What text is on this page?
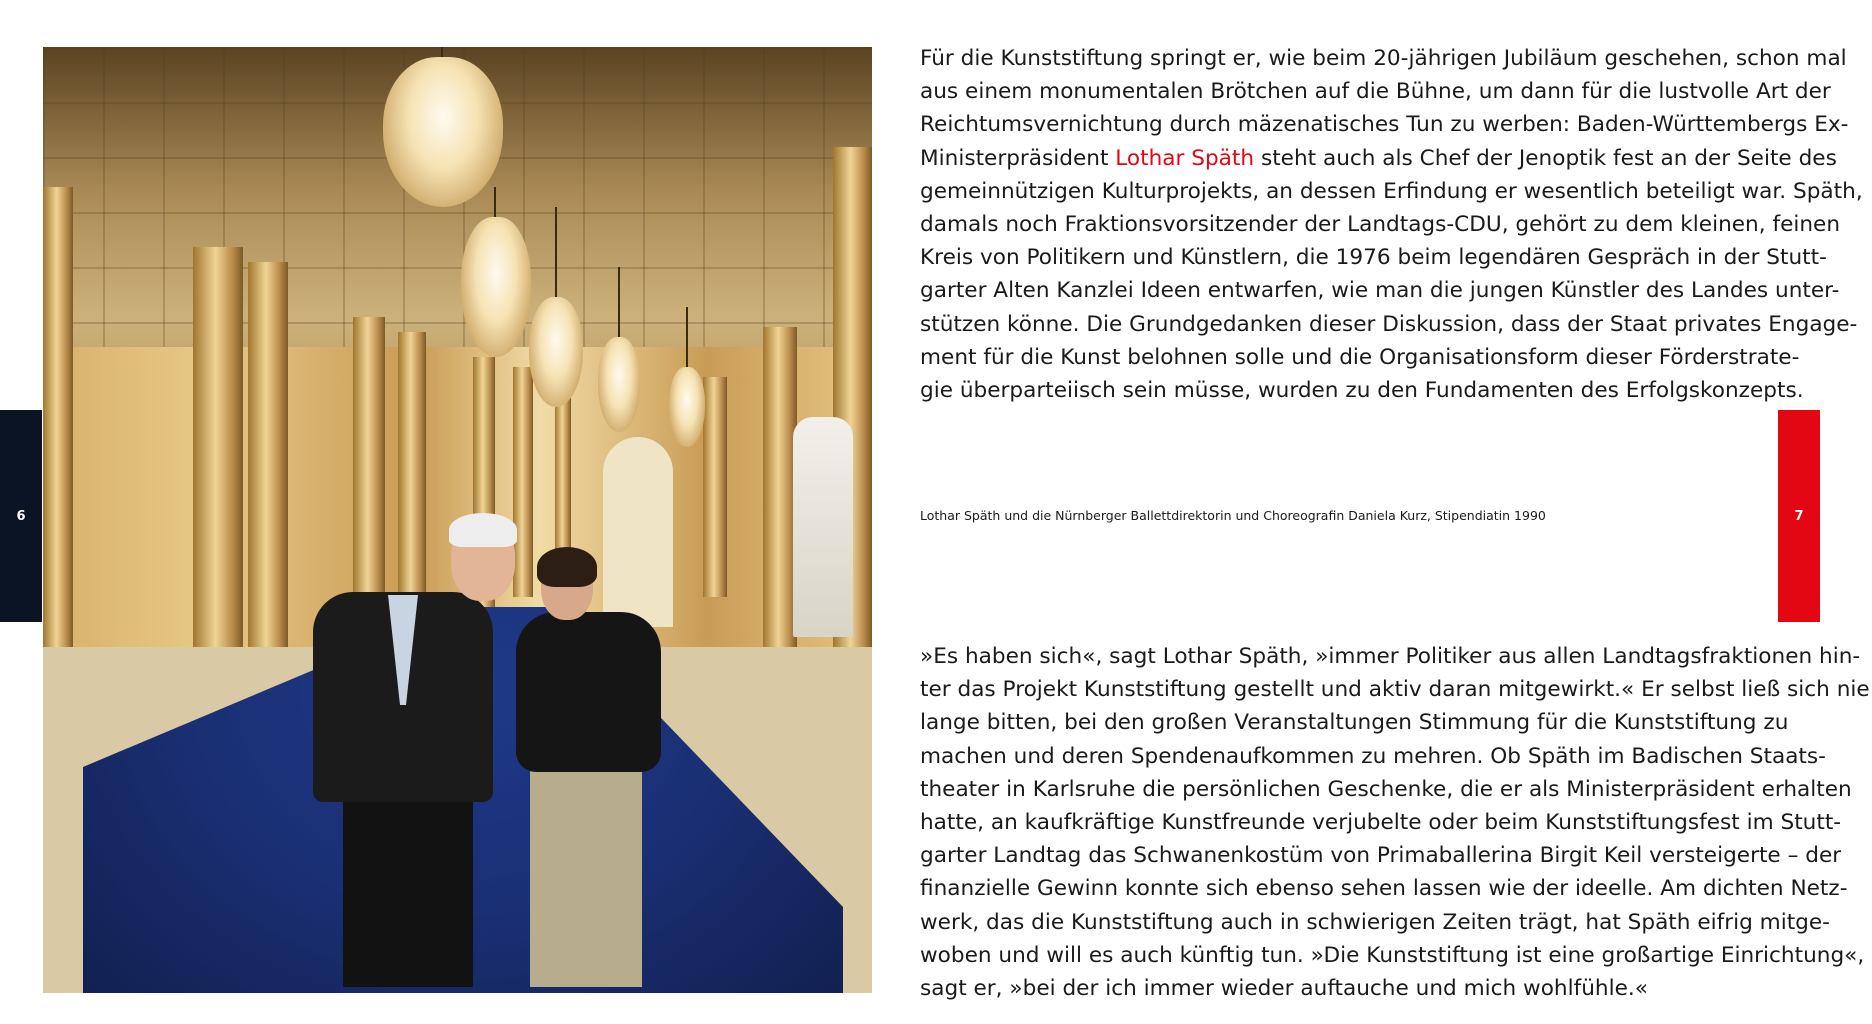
6	7

Für die Kunststiftung springt er, wie beim 20-jährigen Jubiläum geschehen, schon mal
aus einem monumentalen Brötchen auf die Bühne, um dann für die lustvolle Art der
Reichtumsvernichtung durch mäzenatisches Tun zu werben: Baden-Württembergs Ex-
Ministerpräsident Lothar Späth steht auch als Chef der Jenoptik fest an der Seite des
gemeinnützigen Kulturprojekts, an dessen Erfindung er wesentlich beteiligt war. Späth,
damals noch Fraktionsvorsitzender der Landtags-CDU, gehört zu dem kleinen, feinen
Kreis von Politikern und Künstlern, die 1976 beim legendären Gespräch in der Stutt-
garter Alten Kanzlei Ideen entwarfen, wie man die jungen Künstler des Landes unter-
stützen könne. Die Grundgedanken dieser Diskussion, dass der Staat privates Engage-
ment für die Kunst belohnen solle und die Organisationsform dieser Förderstrate-
gie überparteiisch sein müsse, wurden zu den Fundamenten des Erfolgskonzepts.

Lothar Späth und die Nürnberger Ballettdirektorin und Choreografin Daniela Kurz, Stipendiatin 1990

»Es haben sich«, sagt Lothar Späth, »immer Politiker aus allen Landtagsfraktionen hin-
ter das Projekt Kunststiftung gestellt und aktiv daran mitgewirkt.« Er selbst ließ sich nie
lange bitten, bei den großen Veranstaltungen Stimmung für die Kunststiftung zu
machen und deren Spendenaufkommen zu mehren. Ob Späth im Badischen Staats-
theater in Karlsruhe die persönlichen Geschenke, die er als Ministerpräsident erhalten
hatte, an kaufkräftige Kunstfreunde verjubelte oder beim Kunststiftungsfest im Stutt-
garter Landtag das Schwanenkostüm von Primaballerina Birgit Keil versteigerte – der
finanzielle Gewinn konnte sich ebenso sehen lassen wie der ideelle. Am dichten Netz-
werk, das die Kunststiftung auch in schwierigen Zeiten trägt, hat Späth eifrig mitge-
woben und will es auch künftig tun. »Die Kunststiftung ist eine großartige Einrichtung«,
sagt er, »bei der ich immer wieder auftauche und mich wohlfühle.«
